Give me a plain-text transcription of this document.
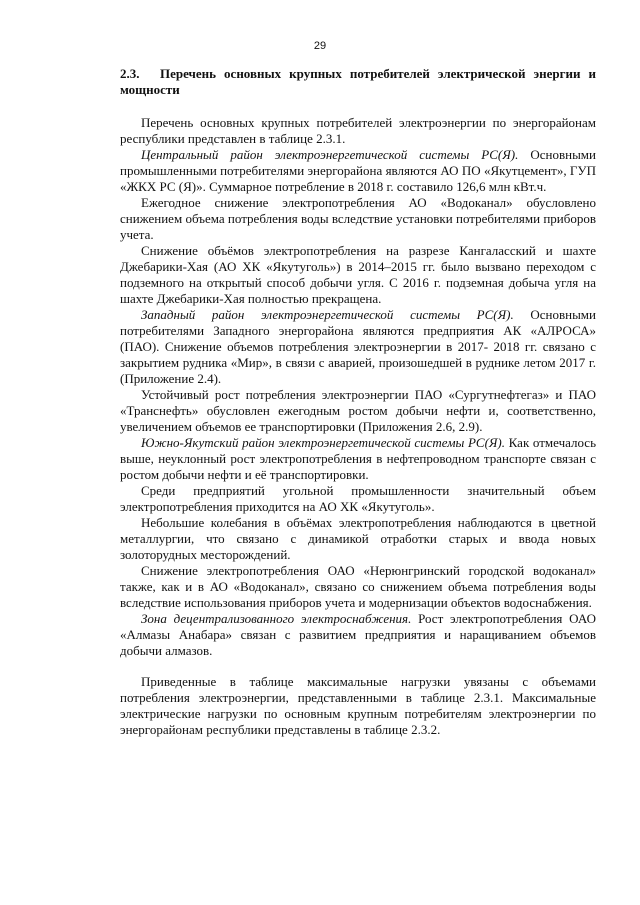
29
2.3. Перечень основных крупных потребителей электрической энергии и мощности

Перечень основных крупных потребителей электроэнергии по энергорайонам республики представлен в таблице 2.3.1.

Центральный район электроэнергетической системы РС(Я). Основными промышленными потребителями энергорайона являются АО ПО «Якутцемент», ГУП «ЖКХ РС (Я)». Суммарное потребление в 2018 г. составило 126,6 млн кВт.ч.

Ежегодное снижение электропотребления АО «Водоканал» обусловлено снижением объема потребления воды вследствие установки потребителями приборов учета.

Снижение объёмов электропотребления на разрезе Кангаласский и шахте Джебарики-Хая (АО ХК «Якутуголь») в 2014–2015 гг. было вызвано переходом с подземного на открытый способ добычи угля. С 2016 г. подземная добыча угля на шахте Джебарики-Хая полностью прекращена.

Западный район электроэнергетической системы РС(Я). Основными потребителями Западного энергорайона являются предприятия АК «АЛРОСА» (ПАО). Снижение объемов потребления электроэнергии в 2017- 2018 гг. связано с закрытием рудника «Мир», в связи с аварией, произошедшей в руднике летом 2017 г. (Приложение 2.4).

Устойчивый рост потребления электроэнергии ПАО «Сургутнефтегаз» и ПАО «Транснефть» обусловлен ежегодным ростом добычи нефти и, соответственно, увеличением объемов ее транспортировки (Приложения 2.6, 2.9).

Южно-Якутский район электроэнергетической системы РС(Я). Как отмечалось выше, неуклонный рост электропотребления в нефтепроводном транспорте связан с ростом добычи нефти и её транспортировки.

Среди предприятий угольной промышленности значительный объем электропотребления приходится на АО ХК «Якутуголь».

Небольшие колебания в объёмах электропотребления наблюдаются в цветной металлургии, что связано с динамикой отработки старых и ввода новых золоторудных месторождений.

Снижение электропотребления ОАО «Нерюнгринский городской водоканал» также, как и в АО «Водоканал», связано со снижением объема потребления воды вследствие использования приборов учета и модернизации объектов водоснабжения.

Зона децентрализованного электроснабжения. Рост электропотребления ОАО «Алмазы Анабара» связан с развитием предприятия и наращиванием объемов добычи алмазов.

Приведенные в таблице максимальные нагрузки увязаны с объемами потребления электроэнергии, представленными в таблице 2.3.1. Максимальные электрические нагрузки по основным крупным потребителям электроэнергии по энергорайонам республики представлены в таблице 2.3.2.
